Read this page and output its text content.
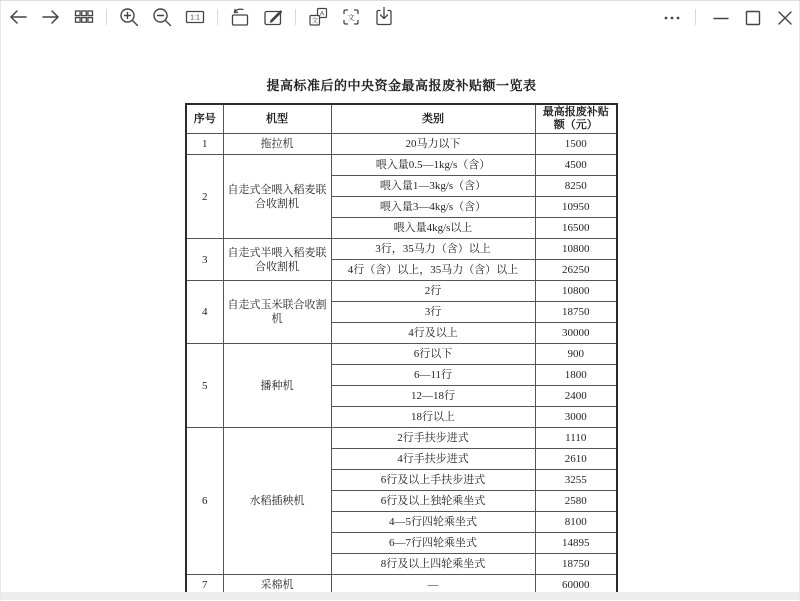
1:1
A
文	文
提高标准后的中央资金最高报废补贴额一览表
序号	机型	类别	最高报废补贴额（元）
1	拖拉机	20马力以下	1500
2	自走式全喂入稻麦联合收割机	喂入量0.5—1kg/s（含）	4500
		喂入量1—3kg/s（含）	8250
		喂入量3—4kg/s（含）	10950
		喂入量4kg/s以上	16500
3	自走式半喂入稻麦联合收割机	3行，35马力（含）以上	10800
		4行（含）以上，35马力（含）以上	26250
4	自走式玉米联合收割机	2行	10800
		3行	18750
		4行及以上	30000
5	播种机	6行以下	900
		6—11行	1800
		12—18行	2400
		18行以上	3000
6	水稻插秧机	2行手扶步进式	1110
		4行手扶步进式	2610
		6行及以上手扶步进式	3255
		6行及以上独轮乘坐式	2580
		4—5行四轮乘坐式	8100
		6—7行四轮乘坐式	14895
		8行及以上四轮乘坐式	18750
7	采棉机	—	60000
